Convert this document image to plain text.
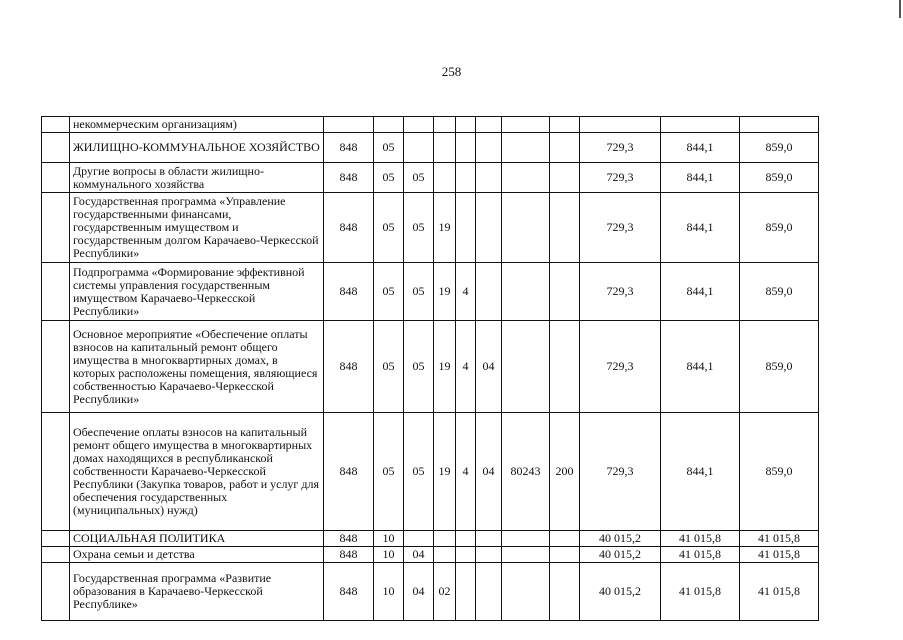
258
	некоммерческим организациям)											
	ЖИЛИЩНО-КОММУНАЛЬНОЕ ХОЗЯЙСТВО	848	05							729,3	844,1	859,0
	Другие вопросы в области жилищно-коммунального хозяйства	848	05	05						729,3	844,1	859,0
	Государственная программа «Управление государственными финансами, государственным имуществом и государственным долгом Карачаево-Черкесской Республики»	848	05	05	19					729,3	844,1	859,0
	Подпрограмма «Формирование эффективной системы управления государственным имуществом Карачаево-Черкесской Республики»	848	05	05	19	4				729,3	844,1	859,0
	Основное мероприятие «Обеспечение оплаты взносов на капитальный ремонт общего имущества в многоквартирных домах, в которых расположены помещения, являющиеся собственностью Карачаево-Черкесской Республики»	848	05	05	19	4	04			729,3	844,1	859,0
	Обеспечение оплаты взносов на капитальный ремонт общего имущества в многоквартирных домах находящихся в республиканской собственности Карачаево-Черкесской Республики (Закупка товаров, работ и услуг для обеспечения государственных (муниципальных) нужд)	848	05	05	19	4	04	80243	200	729,3	844,1	859,0
	СОЦИАЛЬНАЯ ПОЛИТИКА	848	10							40 015,2	41 015,8	41 015,8
	Охрана семьи и детства	848	10	04						40 015,2	41 015,8	41 015,8
	Государственная программа «Развитие образования в Карачаево-Черкесской Республике»	848	10	04	02					40 015,2	41 015,8	41 015,8
